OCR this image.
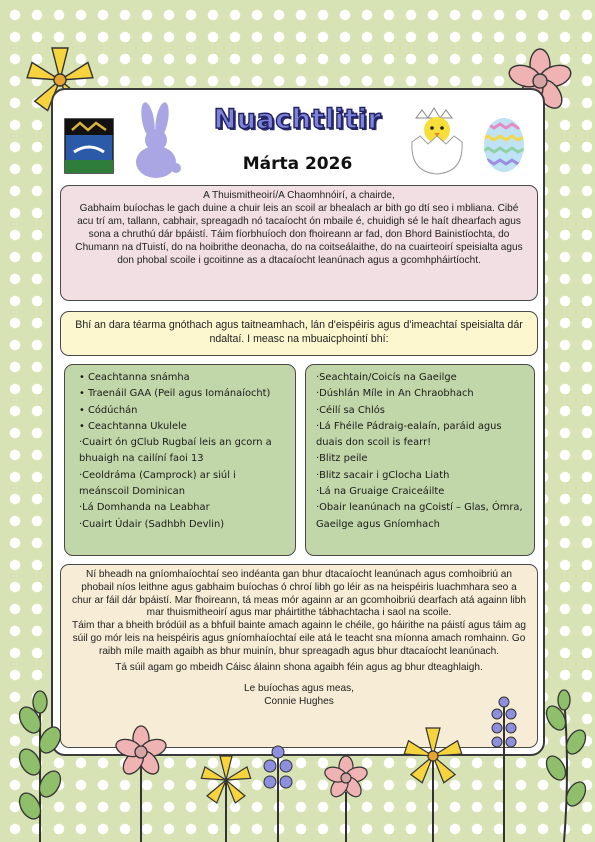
Nuachtlitir
Márta 2026

A Thuismitheoirí/A Chaomhnóirí, a chairde,

Gabhaim buíochas le gach duine a chuir leis an scoil ar bhealach ar bith go dtí seo i mbliana. Cibé acu trí am, tallann, cabhair, spreagadh nó tacaíocht ón mbaile é, chuidigh sé le haít dhearfach agus sona a chruthú dár bpáistí. Táim fíorbhuíoch don fhoireann ar fad, don Bhord Bainistíochta, do Chumann na dTuistí, do na hoibrithe deonacha, do na coitseálaithe, do na cuairteoirí speisialta agus don phobal scoile i gcoitinne as a dtacaíocht leanúnach agus a gcomhpháirtíocht.

Bhí an dara téarma gnóthach agus taitneamhach, lán d'eispéiris agus d'imeachtaí speisialta dár ndaltaí. I measc na mbuaicphointí bhí:
• Ceachtanna snámha
• Traenáil GAA (Peil agus Iománaíocht)
• Códúchán
• Ceachtanna Ukulele
·Cuairt ón gClub Rugbaí leis an gcorn a bhuaigh na cailíní faoi 13
·Ceoldráma (Camprock) ar siúl i meánscoil Dominican
·Lá Domhanda na Leabhar
·Cuairt Údair (Sadhbh Devlin)
·Seachtain/Coicís na Gaeilge
·Dúshlán Míle in An Chraobhach
·Céilí sa Chlós
·Lá Fhéile Pádraig-ealaín, paráid agus duais don scoil is fearr!
·Blitz peile
·Blitz sacair i gClocha Liath
·Lá na Gruaige Craiceáilte
·Obair leanúnach na gCoistí – Glas, Ómra, Gaeilge agus Gníomhach

Ní bheadh na gníomhaíochtaí seo indéanta gan bhur dtacaíocht leanúnach agus comhoibriú an phobail níos leithne agus gabhaim buíochas ó chroí libh go léir as na heispéiris luachmhara seo a chur ar fáil dár bpáistí. Mar fhoireann, tá meas mór againn ar an gcomhoibriú dearfach atá againn libh mar thuismitheoirí agus mar pháirtithe tábhachtacha i saol na scoile.

Táim thar a bheith bródúil as a bhfuil bainte amach againn le chéile, go háirithe na páistí agus táim ag súil go mór leis na heispéiris agus gníomhaíochtaí eile atá le teacht sna míonna amach romhainn. Go raibh míle maith agaibh as bhur muinín, bhur spreagadh agus bhur dtacaíocht leanúnach.

Tá súil agam go mbeidh Cáisc álainn shona agaibh féin agus ag bhur dteaghlaigh.

Le buíochas agus meas,

Connie Hughes
